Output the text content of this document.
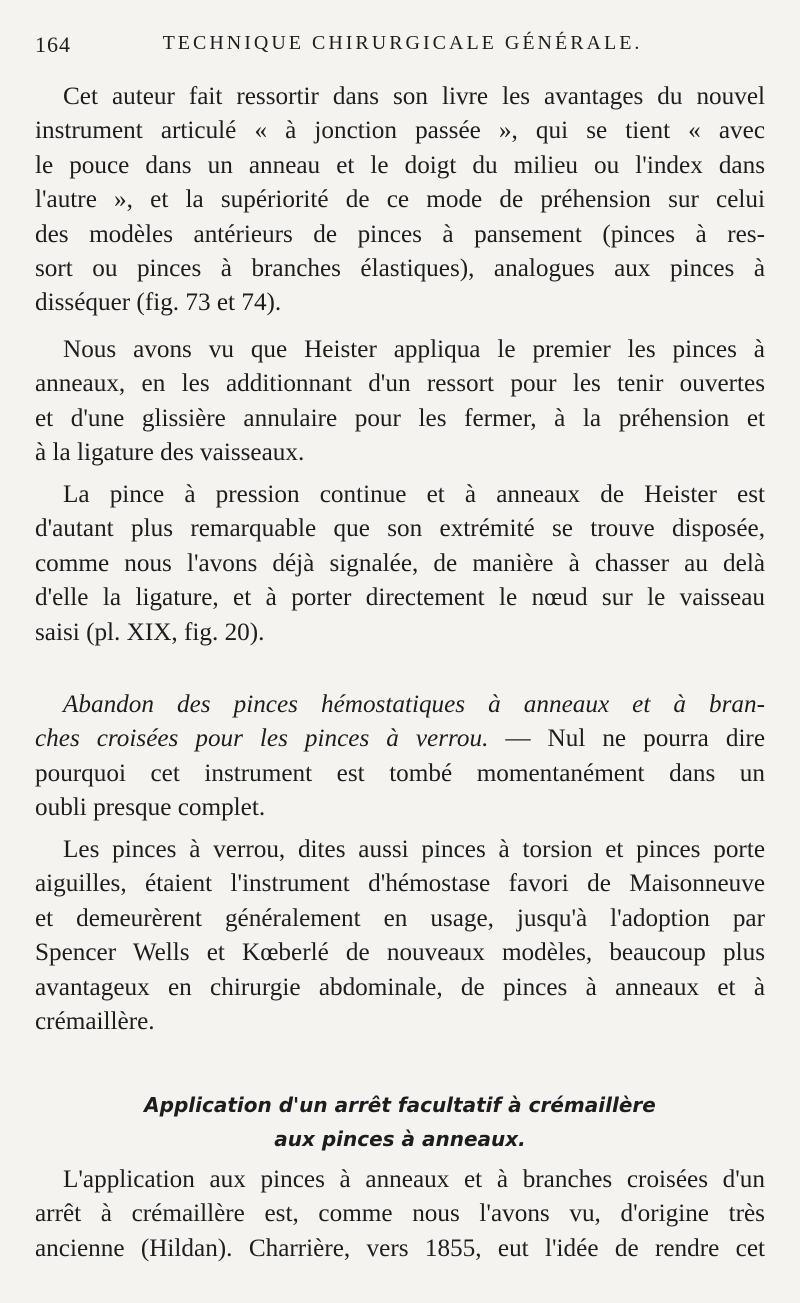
164	TECHNIQUE CHIRURGICALE GÉNÉRALE.
Cet auteur fait ressortir dans son livre les avantages du nouvel
instrument articulé « à jonction passée », qui se tient « avec
le pouce dans un anneau et le doigt du milieu ou l'index dans
l'autre », et la supériorité de ce mode de préhension sur celui
des modèles antérieurs de pinces à pansement (pinces à res-
sort ou pinces à branches élastiques), analogues aux pinces à
disséquer (fig. 73 et 74).
Nous avons vu que Heister appliqua le premier les pinces à
anneaux, en les additionnant d'un ressort pour les tenir ouvertes
et d'une glissière annulaire pour les fermer, à la préhension et
à la ligature des vaisseaux.
La pince à pression continue et à anneaux de Heister est
d'autant plus remarquable que son extrémité se trouve disposée,
comme nous l'avons déjà signalée, de manière à chasser au delà
d'elle la ligature, et à porter directement le nœud sur le vaisseau
saisi (pl. XIX, fig. 20).
Abandon des pinces hémostatiques à anneaux et à bran-
ches croisées pour les pinces à verrou. — Nul ne pourra dire
pourquoi cet instrument est tombé momentanément dans un
oubli presque complet.
Les pinces à verrou, dites aussi pinces à torsion et pinces porte
aiguilles, étaient l'instrument d'hémostase favori de Maisonneuve
et demeurèrent généralement en usage, jusqu'à l'adoption par
Spencer Wells et Kœberlé de nouveaux modèles, beaucoup plus
avantageux en chirurgie abdominale, de pinces à anneaux et à
crémaillère.
Application d'un arrêt facultatif à crémaillère
aux pinces à anneaux.
L'application aux pinces à anneaux et à branches croisées d'un
arrêt à crémaillère est, comme nous l'avons vu, d'origine très
ancienne (Hildan). Charrière, vers 1855, eut l'idée de rendre cet
